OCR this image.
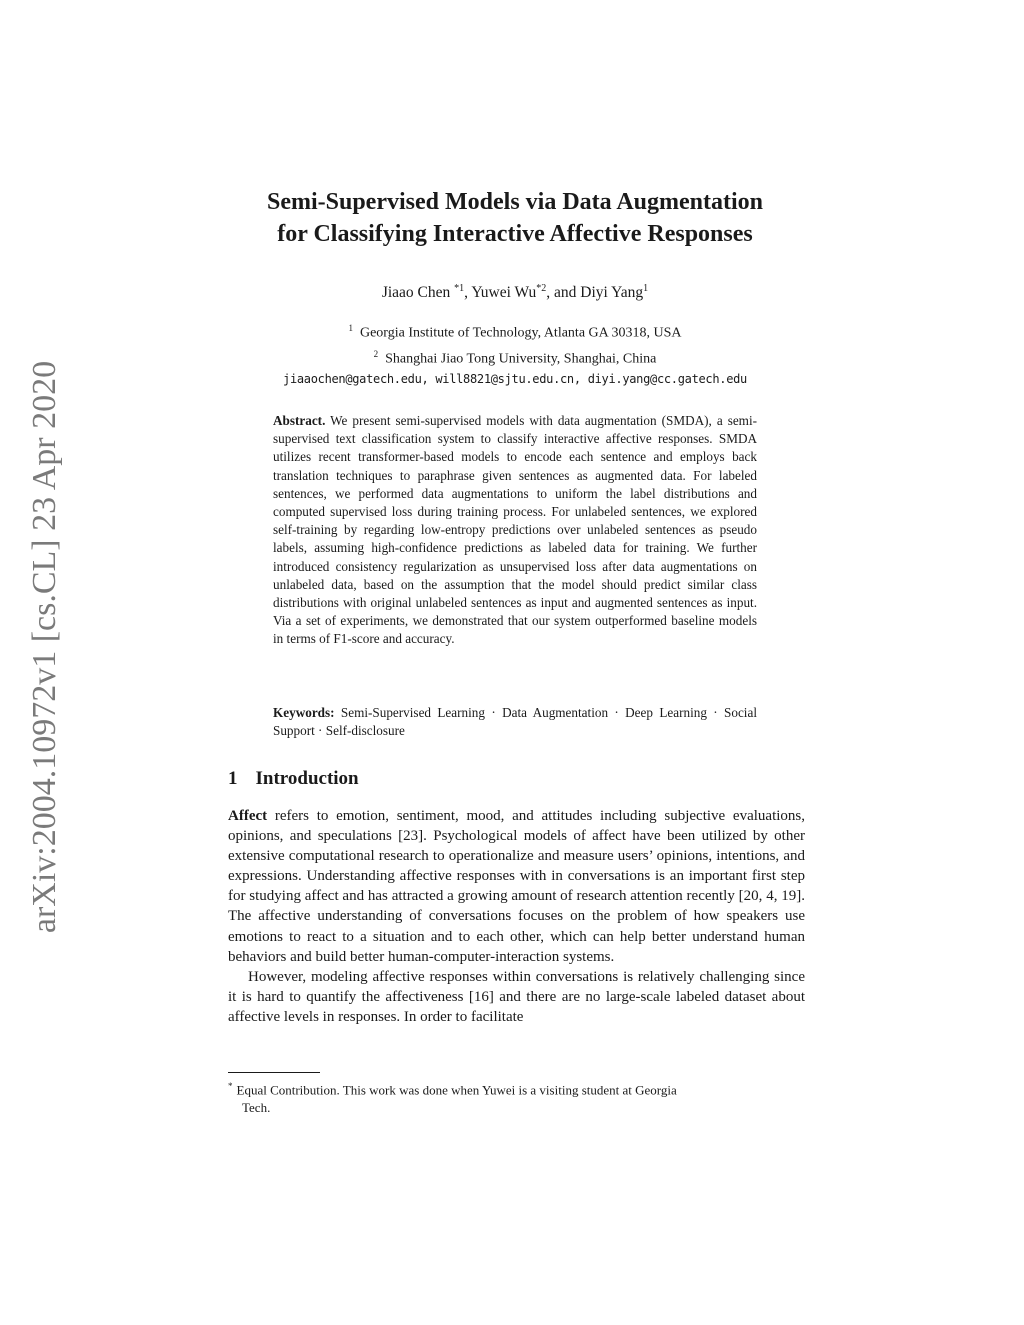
arXiv:2004.10972v1 [cs.CL] 23 Apr 2020
Semi-Supervised Models via Data Augmentation
for Classifying Interactive Affective Responses
Jiaao Chen $^{*1}$, Yuwei Wu$^{*2}$, and Diyi Yang$^1$
$^1$ Georgia Institute of Technology, Atlanta GA 30318, USA
$^2$ Shanghai Jiao Tong University, Shanghai, China
jiaaochen@gatech.edu, will8821@sjtu.edu.cn, diyi.yang@cc.gatech.edu
Abstract. We present semi-supervised models with data augmentation (SMDA), a semi-supervised text classification system to classify interactive affective responses. SMDA utilizes recent transformer-based models to encode each sentence and employs back translation techniques to paraphrase given sentences as augmented data. For labeled sentences, we performed data augmentations to uniform the label distributions and computed supervised loss during training process. For unlabeled sentences, we explored self-training by regarding low-entropy predictions over unlabeled sentences as pseudo labels, assuming high-confidence predictions as labeled data for training. We further introduced consistency regularization as unsupervised loss after data augmentations on unlabeled data, based on the assumption that the model should predict similar class distributions with original unlabeled sentences as input and augmented sentences as input. Via a set of experiments, we demonstrated that our system outperformed baseline models in terms of F1-score and accuracy.
Keywords: Semi-Supervised Learning · Data Augmentation · Deep Learning · Social Support · Self-disclosure
1 Introduction

Affect refers to emotion, sentiment, mood, and attitudes including subjective evaluations, opinions, and speculations [23]. Psychological models of affect have been utilized by other extensive computational research to operationalize and measure users’ opinions, intentions, and expressions. Understanding affective responses with in conversations is an important first step for studying affect and has attracted a growing amount of research attention recently [20, 4, 19]. The affective understanding of conversations focuses on the problem of how speakers use emotions to react to a situation and to each other, which can help better understand human behaviors and build better human-computer-interaction systems.

However, modeling affective responses within conversations is relatively challenging since it is hard to quantify the affectiveness [16] and there are no large-scale labeled dataset about affective levels in responses. In order to facilitate

* Equal Contribution. This work was done when Yuwei is a visiting student at Georgia
Tech.
